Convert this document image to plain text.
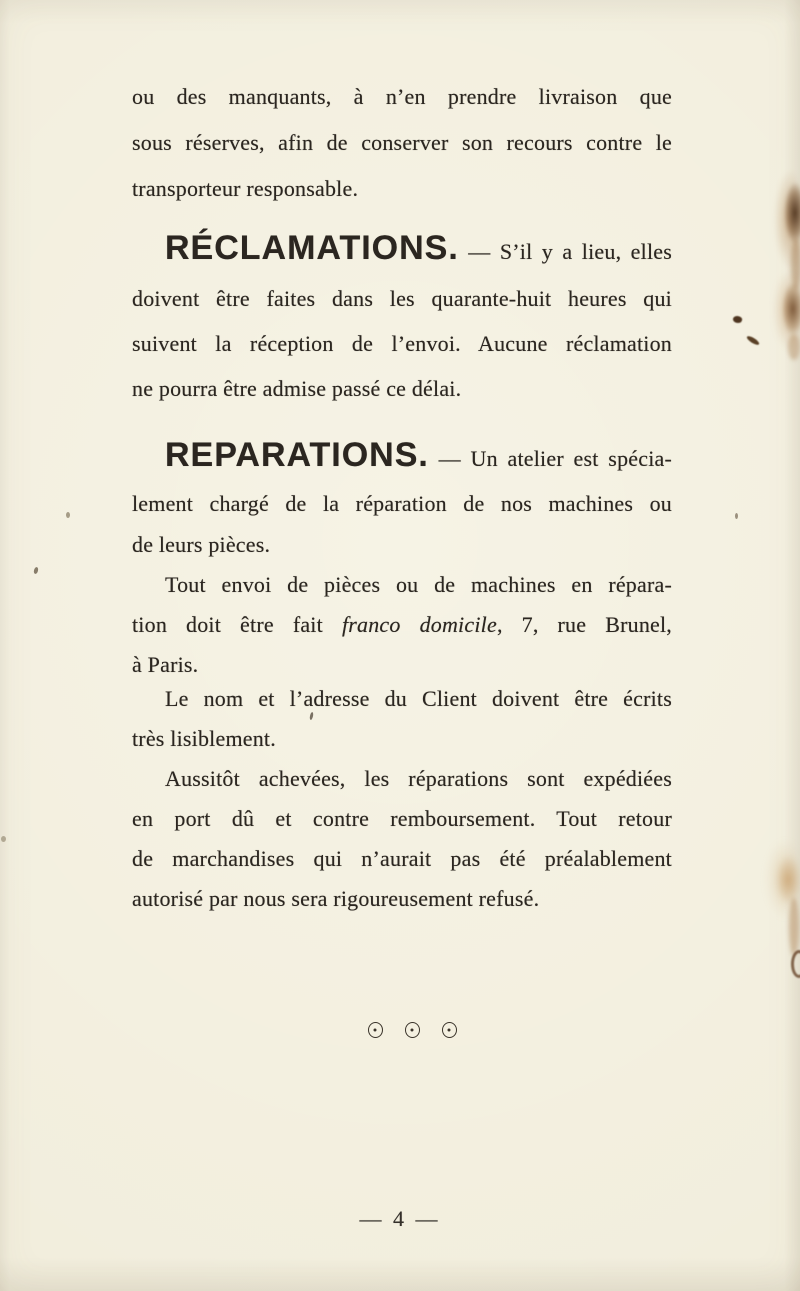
ou des manquants, à n’en prendre livraison que
sous réserves, afin de conserver son recours contre le
transporteur responsable.
RÉCLAMATIONS. — S’il y a lieu, elles
doivent être faites dans les quarante-huit heures qui
suivent la réception de l’envoi. Aucune réclamation
ne pourra être admise passé ce délai.
REPARATIONS. — Un atelier est spécia-
lement chargé de la réparation de nos machines ou
de leurs pièces.
Tout envoi de pièces ou de machines en répara-
tion doit être fait franco domicile, 7, rue Brunel,
à Paris.
Le nom et l’adresse du Client doivent être écrits
très lisiblement.
Aussitôt achevées, les réparations sont expédiées
en port dû et contre remboursement. Tout retour
de marchandises qui n’aurait pas été préalablement
autorisé par nous sera rigoureusement refusé.
— 4 —
